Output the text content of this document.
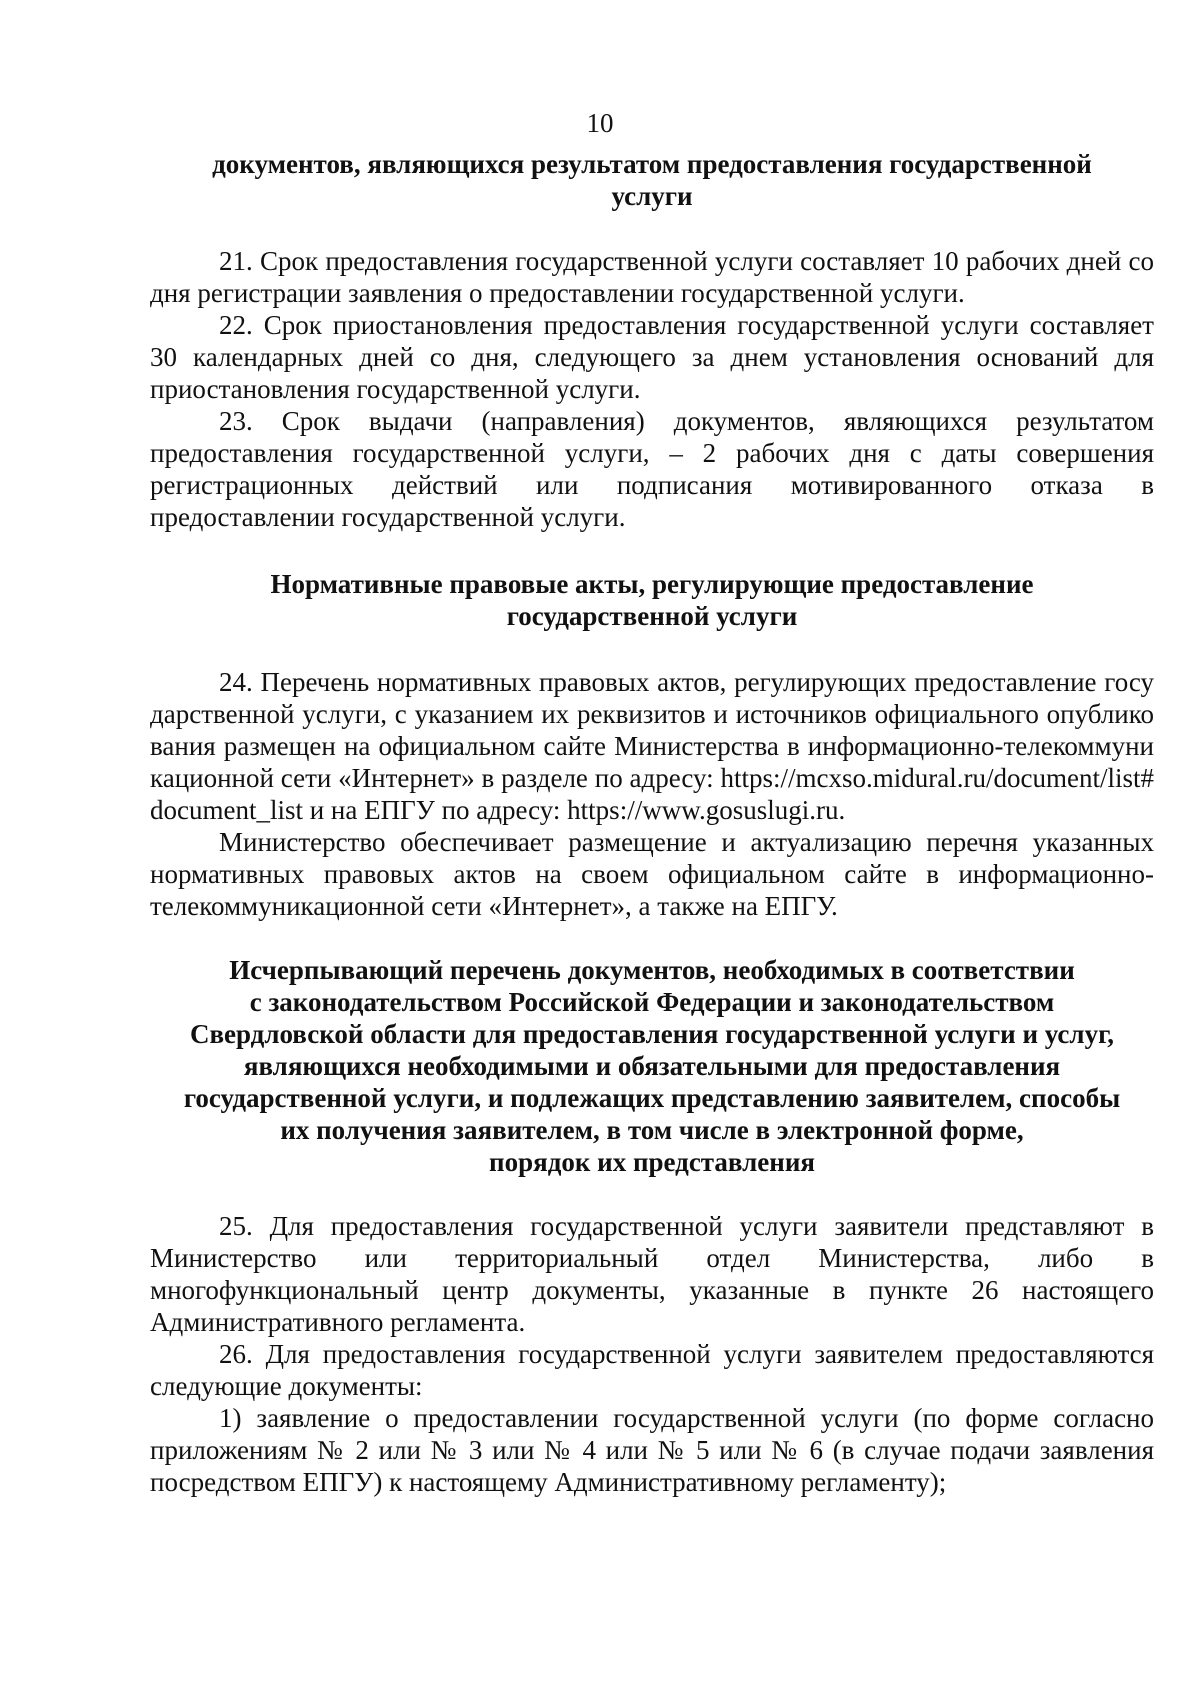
10
документов, являющихся результатом предоставления государственной
услуги

21. Срок предоставления государственной услуги составляет 10 рабочих дней со дня регистрации заявления о предоставлении государственной услуги.

22. Срок приостановления предоставления государственной услуги составляет 30 календарных дней со дня, следующего за днем установления оснований для приостановления государственной услуги.

23. Срок выдачи (направления) документов, являющихся результатом предоставления государственной услуги, – 2 рабочих дня с даты совершения регистрационных действий или подписания мотивированного отказа в предоставлении государственной услуги.

Нормативные правовые акты, регулирующие предоставление
государственной услуги

24. Перечень нормативных правовых актов, регулирующих предоставление государственной услуги, с указанием их реквизитов и источников официального опубликования размещен на официальном сайте Министерства в информационно-телекоммуникационной сети «Интернет» в разделе по адресу: https://mcxso.midural.ru/document/list#document_list и на ЕПГУ по адресу: https://www.gosuslugi.ru.

Министерство обеспечивает размещение и актуализацию перечня указанных нормативных правовых актов на своем официальном сайте в информационно-телекоммуникационной сети «Интернет», а также на ЕПГУ.

Исчерпывающий перечень документов, необходимых в соответствии
с законодательством Российской Федерации и законодательством
Свердловской области для предоставления государственной услуги и услуг,
являющихся необходимыми и обязательными для предоставления
государственной услуги, и подлежащих представлению заявителем, способы
их получения заявителем, в том числе в электронной форме,
порядок их представления

25. Для предоставления государственной услуги заявители представляют в Министерство или территориальный отдел Министерства, либо в многофункциональный центр документы, указанные в пункте 26 настоящего Административного регламента.

26. Для предоставления государственной услуги заявителем предоставляются следующие документы:

1) заявление о предоставлении государственной услуги (по форме согласно приложениям № 2 или № 3 или № 4 или № 5 или № 6 (в случае подачи заявления посредством ЕПГУ) к настоящему Административному регламенту);
